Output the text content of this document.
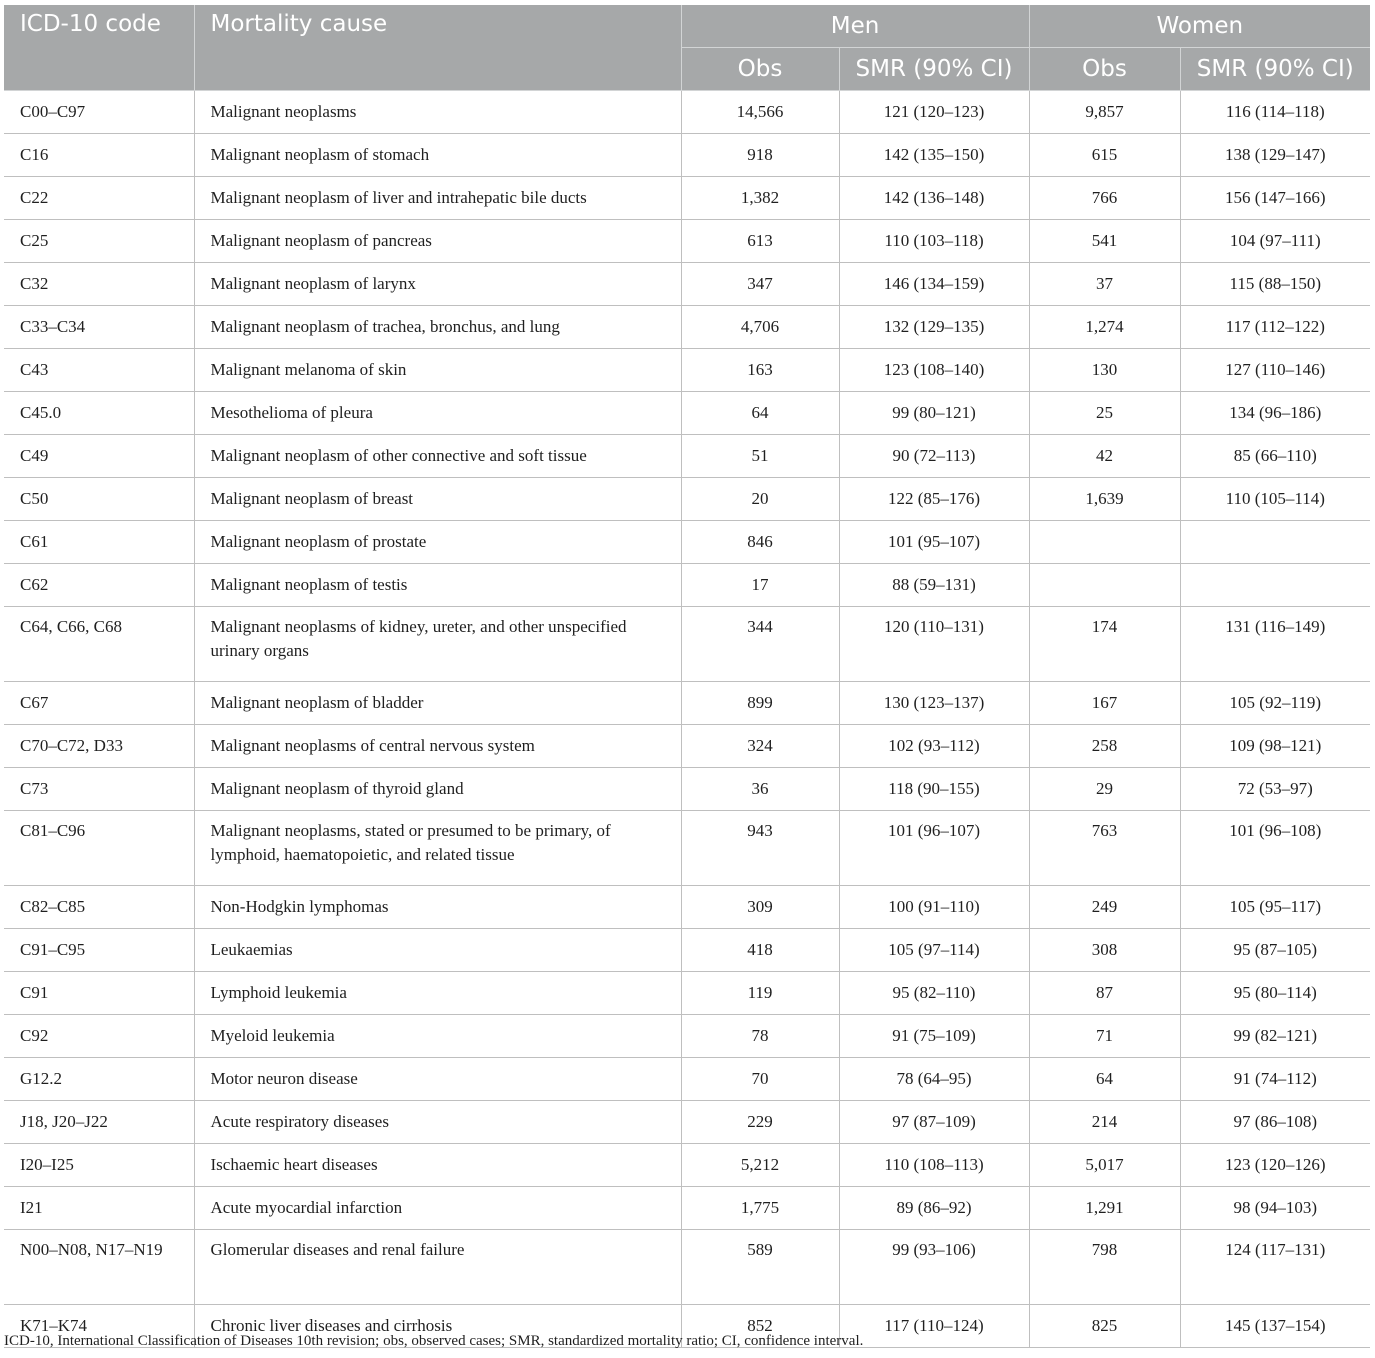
ICD-10 code	Mortality cause	Men		Women	
		Obs	SMR (90% CI)	Obs	SMR (90% CI)
C00–C97	Malignant neoplasms	14,566	121 (120–123)	9,857	116 (114–118)
C16	Malignant neoplasm of stomach	918	142 (135–150)	615	138 (129–147)
C22	Malignant neoplasm of liver and intrahepatic bile ducts	1,382	142 (136–148)	766	156 (147–166)
C25	Malignant neoplasm of pancreas	613	110 (103–118)	541	104 (97–111)
C32	Malignant neoplasm of larynx	347	146 (134–159)	37	115 (88–150)
C33–C34	Malignant neoplasm of trachea, bronchus, and lung	4,706	132 (129–135)	1,274	117 (112–122)
C43	Malignant melanoma of skin	163	123 (108–140)	130	127 (110–146)
C45.0	Mesothelioma of pleura	64	99 (80–121)	25	134 (96–186)
C49	Malignant neoplasm of other connective and soft tissue	51	90 (72–113)	42	85 (66–110)
C50	Malignant neoplasm of breast	20	122 (85–176)	1,639	110 (105–114)
C61	Malignant neoplasm of prostate	846	101 (95–107)		
C62	Malignant neoplasm of testis	17	88 (59–131)		
C64, C66, C68	Malignant neoplasms of kidney, ureter, and other unspecified urinary organs	344	120 (110–131)	174	131 (116–149)
C67	Malignant neoplasm of bladder	899	130 (123–137)	167	105 (92–119)
C70–C72, D33	Malignant neoplasms of central nervous system	324	102 (93–112)	258	109 (98–121)
C73	Malignant neoplasm of thyroid gland	36	118 (90–155)	29	72 (53–97)
C81–C96	Malignant neoplasms, stated or presumed to be primary, of lymphoid, haematopoietic, and related tissue	943	101 (96–107)	763	101 (96–108)
C82–C85	Non-Hodgkin lymphomas	309	100 (91–110)	249	105 (95–117)
C91–C95	Leukaemias	418	105 (97–114)	308	95 (87–105)
C91	Lymphoid leukemia	119	95 (82–110)	87	95 (80–114)
C92	Myeloid leukemia	78	91 (75–109)	71	99 (82–121)
G12.2	Motor neuron disease	70	78 (64–95)	64	91 (74–112)
J18, J20–J22	Acute respiratory diseases	229	97 (87–109)	214	97 (86–108)
I20–I25	Ischaemic heart diseases	5,212	110 (108–113)	5,017	123 (120–126)
I21	Acute myocardial infarction	1,775	89 (86–92)	1,291	98 (94–103)
N00–N08, N17–N19	Glomerular diseases and renal failure	589	99 (93–106)	798	124 (117–131)
K71–K74	Chronic liver diseases and cirrhosis	852	117 (110–124)	825	145 (137–154)
ICD-10, International Classification of Diseases 10th revision; obs, observed cases; SMR, standardized mortality ratio; CI, confidence interval.
